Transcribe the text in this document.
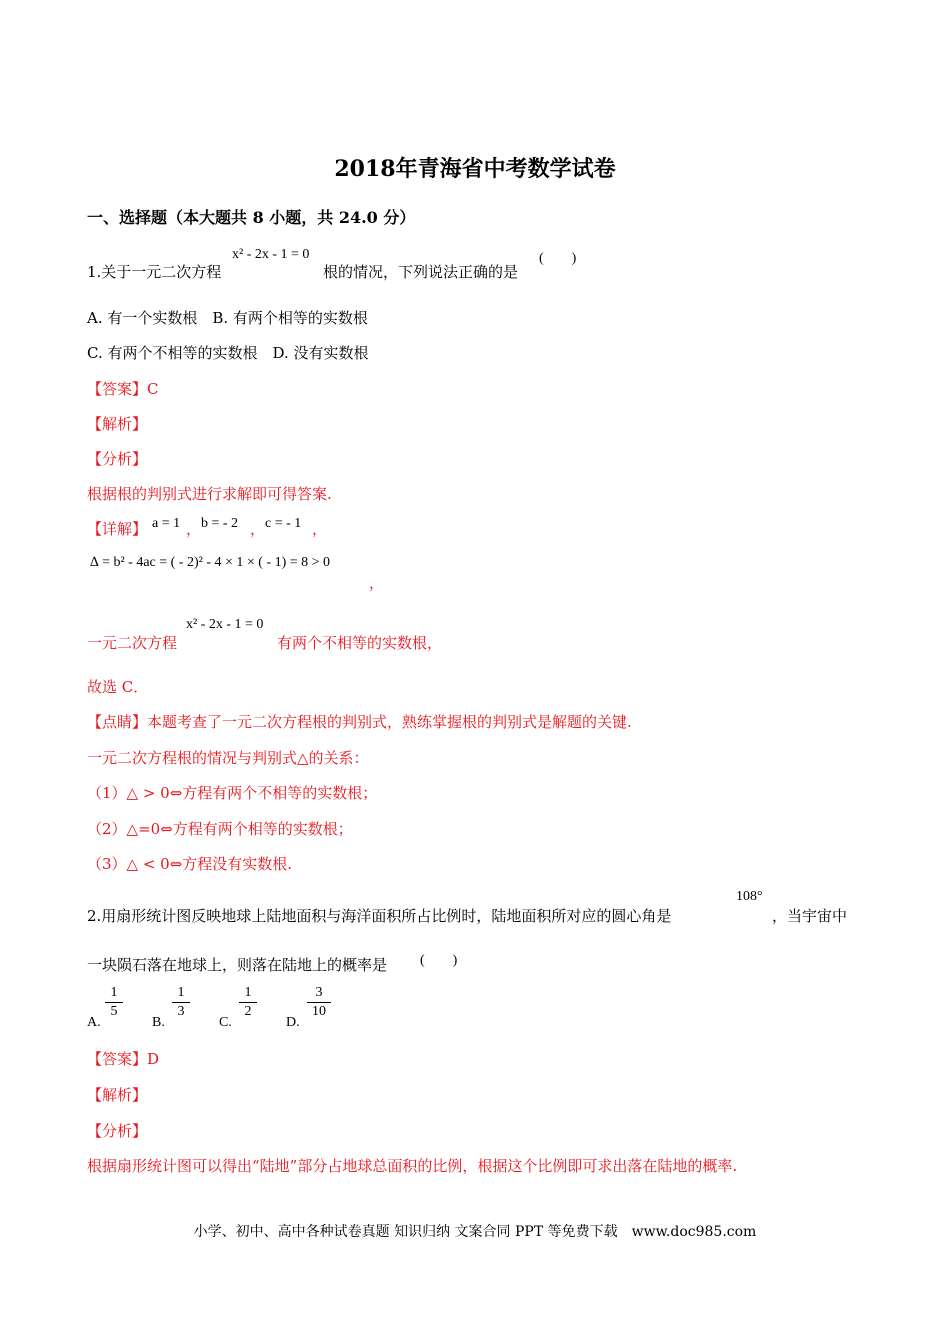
2018年青海省中考数学试卷
一、选择题（本大题共 8 小题，共 24.0 分）
1.关于一元二次方程
x² - 2x - 1 = 0
根的情况，下列说法正确的是
(　　)
A. 有一个实数根　B. 有两个相等的实数根
C. 有两个不相等的实数根　D. 没有实数根
【答案】C
【解析】
【分析】
根据根的判别式进行求解即可得答案.
【详解】 a = 1 ， b = - 2 ， c = - 1 ，
∆ = b² - 4ac = ( - 2)² - 4 × 1 × ( - 1) = 8 > 0
，
一元二次方程
x² - 2x - 1 = 0
有两个不相等的实数根，
故选 C．
【点睛】本题考查了一元二次方程根的判别式，熟练掌握根的判别式是解题的关键.
一元二次方程根的情况与判别式△的关系：
（1）△ > 0⇔方程有两个不相等的实数根；
（2）△=0⇔方程有两个相等的实数根；
（3）△ < 0⇔方程没有实数根.
2.用扇形统计图反映地球上陆地面积与海洋面积所占比例时，陆地面积所对应的圆心角是
108°
，当宇宙中
一块陨石落在地球上，则落在陆地上的概率是 (　　)
A.
1
5
B.
1
3
C.
1
2
D.
3
10
【答案】D
【解析】
【分析】
根据扇形统计图可以得出“陆地”部分占地球总面积的比例，根据这个比例即可求出落在陆地的概率.
小学、初中、高中各种试卷真题 知识归纳 文案合同 PPT 等免费下载　www.doc985.com
